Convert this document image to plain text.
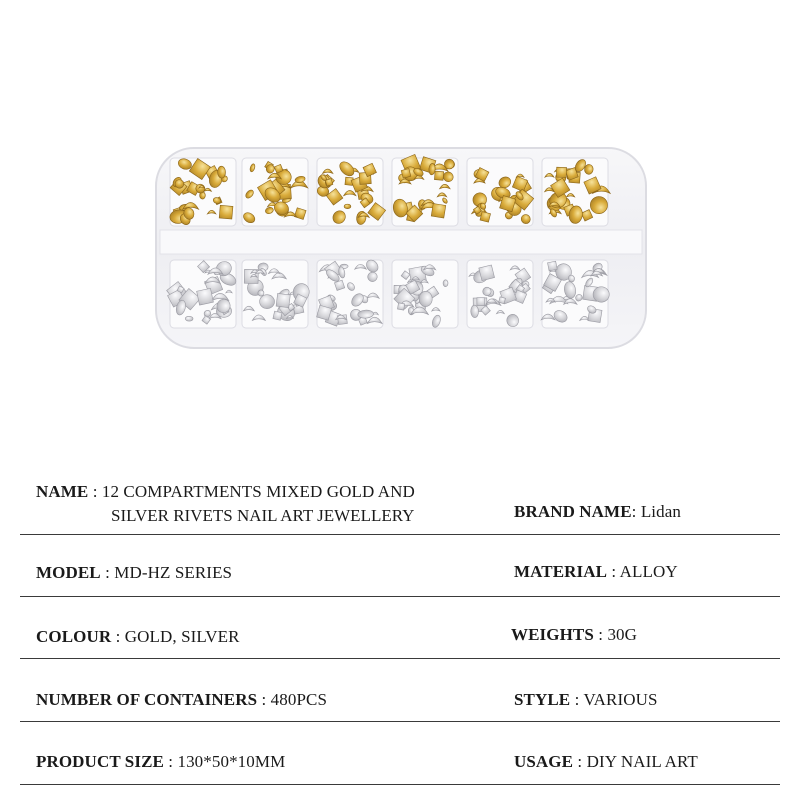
NAME : 12 COMPARTMENTS MIXED GOLD AND
SILVER RIVETS NAIL ART JEWELLERY	BRAND NAME: Lidan
MODEL : MD-HZ SERIES	MATERIAL : ALLOY
COLOUR : GOLD, SILVER	WEIGHTS : 30G
NUMBER OF CONTAINERS : 480PCS	STYLE : VARIOUS
PRODUCT SIZE : 130*50*10MM	USAGE : DIY NAIL ART
